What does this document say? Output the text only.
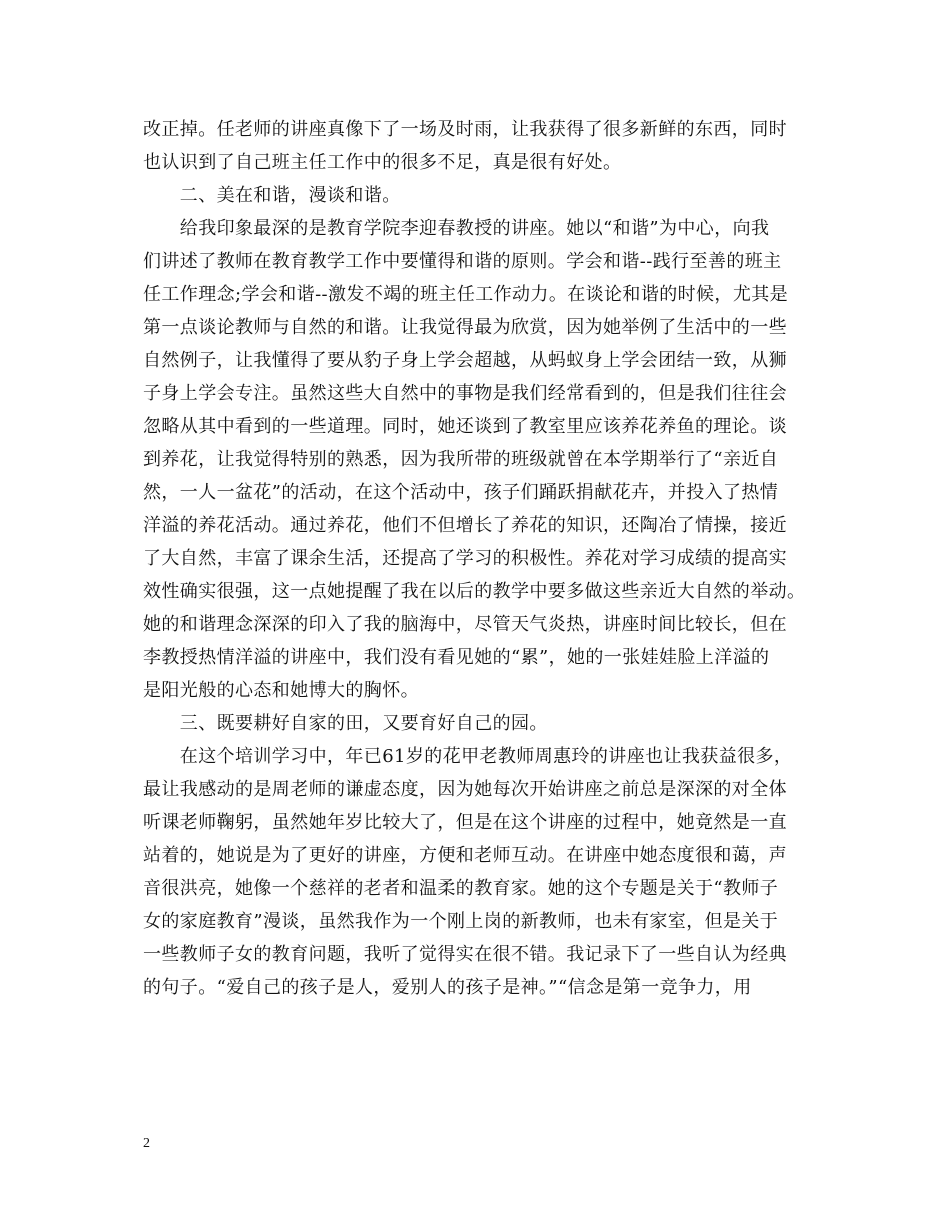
改正掉。任老师的讲座真像下了一场及时雨，让我获得了很多新鲜的东西，同时
也认识到了自己班主任工作中的很多不足，真是很有好处。
　　二、美在和谐，漫谈和谐。
　　给我印象最深的是教育学院李迎春教授的讲座。她以“和谐”为中心，向我
们讲述了教师在教育教学工作中要懂得和谐的原则。学会和谐--践行至善的班主
任工作理念;学会和谐--激发不竭的班主任工作动力。在谈论和谐的时候，尤其是
第一点谈论教师与自然的和谐。让我觉得最为欣赏，因为她举例了生活中的一些
自然例子，让我懂得了要从豹子身上学会超越，从蚂蚁身上学会团结一致，从狮
子身上学会专注。虽然这些大自然中的事物是我们经常看到的，但是我们往往会
忽略从其中看到的一些道理。同时，她还谈到了教室里应该养花养鱼的理论。谈
到养花，让我觉得特别的熟悉，因为我所带的班级就曾在本学期举行了“亲近自
然，一人一盆花”的活动，在这个活动中，孩子们踊跃捐献花卉，并投入了热情
洋溢的养花活动。通过养花，他们不但增长了养花的知识，还陶冶了情操，接近
了大自然，丰富了课余生活，还提高了学习的积极性。养花对学习成绩的提高实
效性确实很强，这一点她提醒了我在以后的教学中要多做这些亲近大自然的举动。
她的和谐理念深深的印入了我的脑海中，尽管天气炎热，讲座时间比较长，但在
李教授热情洋溢的讲座中，我们没有看见她的“累”，她的一张娃娃脸上洋溢的
是阳光般的心态和她博大的胸怀。
　　三、既要耕好自家的田，又要育好自己的园。
　　在这个培训学习中，年已61岁的花甲老教师周惠玲的讲座也让我获益很多，
最让我感动的是周老师的谦虚态度，因为她每次开始讲座之前总是深深的对全体
听课老师鞠躬，虽然她年岁比较大了，但是在这个讲座的过程中，她竟然是一直
站着的，她说是为了更好的讲座，方便和老师互动。在讲座中她态度很和蔼，声
音很洪亮，她像一个慈祥的老者和温柔的教育家。她的这个专题是关于“教师子
女的家庭教育”漫谈，虽然我作为一个刚上岗的新教师，也未有家室，但是关于
一些教师子女的教育问题，我听了觉得实在很不错。我记录下了一些自认为经典
的句子。“爱自己的孩子是人，爱别人的孩子是神。”“信念是第一竞争力，用
2
